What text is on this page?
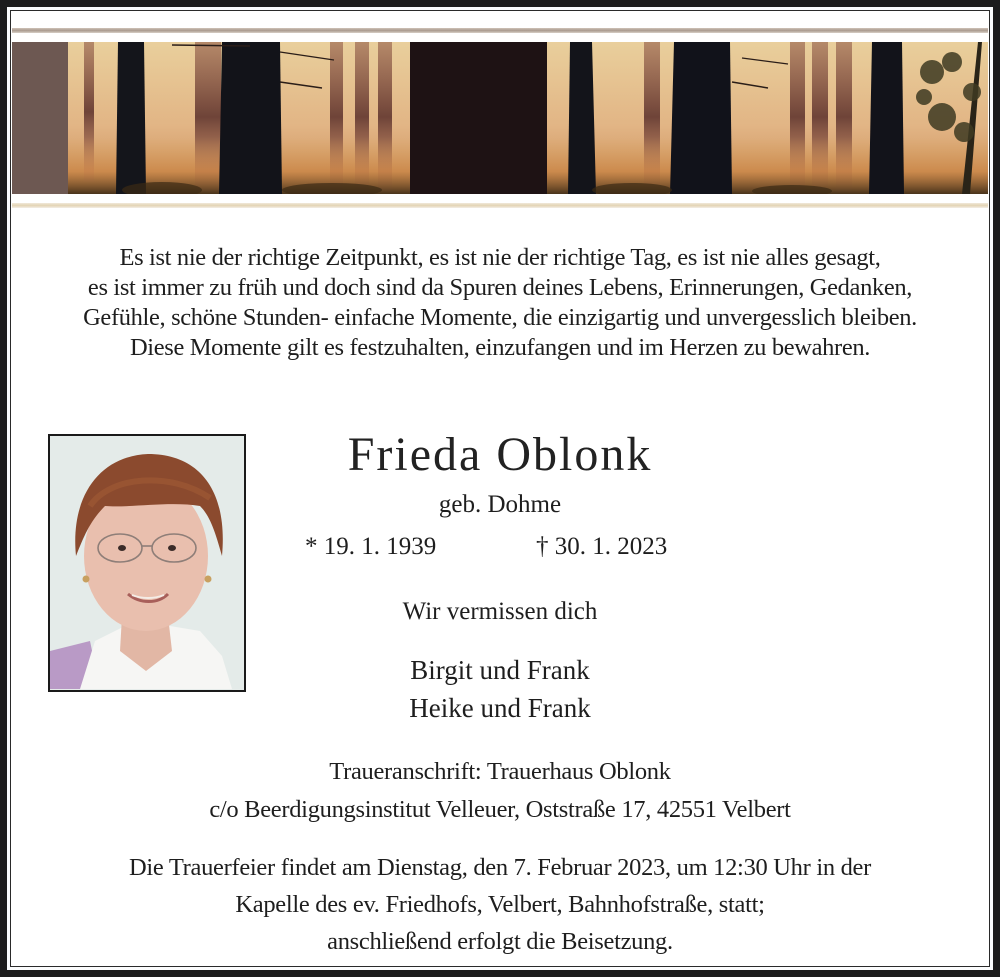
Es ist nie der richtige Zeitpunkt, es ist nie der richtige Tag, es ist nie alles gesagt,
es ist immer zu früh und doch sind da Spuren deines Lebens, Erinnerungen, Gedanken,
Gefühle, schöne Stunden- einfache Momente, die einzigartig und unvergesslich bleiben.
Diese Momente gilt es festzuhalten, einzufangen und im Herzen zu bewahren.
Frieda Oblonk
geb. Dohme
* 19. 1. 1939	† 30. 1. 2023
Wir vermissen dich
Birgit und Frank
Heike und Frank
Traueranschrift: Trauerhaus Oblonk
c/o Beerdigungsinstitut Velleuer, Oststraße 17, 42551 Velbert
Die Trauerfeier findet am Dienstag, den 7. Februar 2023, um 12:30 Uhr in der
Kapelle des ev. Friedhofs, Velbert, Bahnhofstraße, statt;
anschließend erfolgt die Beisetzung.
